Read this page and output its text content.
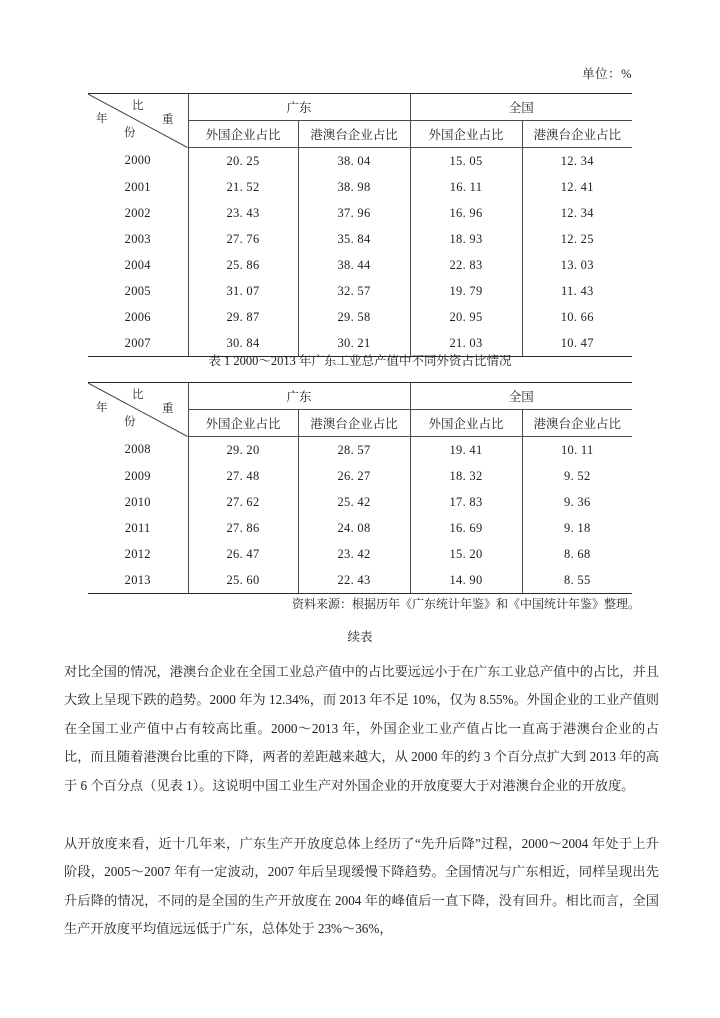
单位：%
比
重
年
份	广东		全国	
	外国企业占比	港澳台企业占比	外国企业占比	港澳台企业占比
2000	20. 25	38. 04	15. 05	12. 34
2001	21. 52	38. 98	16. 11	12. 41
2002	23. 43	37. 96	16. 96	12. 34
2003	27. 76	35. 84	18. 93	12. 25
2004	25. 86	38. 44	22. 83	13. 03
2005	31. 07	32. 57	19. 79	11. 43
2006	29. 87	29. 58	20. 95	10. 66
2007	30. 84	30. 21	21. 03	10. 47
表 1 2000～2013 年广东工业总产值中不同外资占比情况
比
重
年
份	广东		全国	
	外国企业占比	港澳台企业占比	外国企业占比	港澳台企业占比
2008	29. 20	28. 57	19. 41	10. 11
2009	27. 48	26. 27	18. 32	9. 52
2010	27. 62	25. 42	17. 83	9. 36
2011	27. 86	24. 08	16. 69	9. 18
2012	26. 47	23. 42	15. 20	8. 68
2013	25. 60	22. 43	14. 90	8. 55
资料来源：根据历年《广东统计年鉴》和《中国统计年鉴》整理。
续表
对比全国的情况，港澳台企业在全国工业总产值中的占比要远远小于在广东工业总产值中的占比，并且大致上呈现下跌的趋势。2000 年为 12.34%，而 2013 年不足 10%，仅为 8.55%。外国企业的工业产值则在全国工业产值中占有较高比重。2000～2013 年，外国企业工业产值占比一直高于港澳台企业的占比，而且随着港澳台比重的下降，两者的差距越来越大，从 2000 年的约 3 个百分点扩大到 2013 年的高于 6 个百分点（见表 1）。这说明中国工业生产对外国企业的开放度要大于对港澳台企业的开放度。
从开放度来看，近十几年来，广东生产开放度总体上经历了“先升后降”过程，2000～2004 年处于上升阶段，2005～2007 年有一定波动，2007 年后呈现缓慢下降趋势。全国情况与广东相近，同样呈现出先升后降的情况，不同的是全国的生产开放度在 2004 年的峰值后一直下降，没有回升。相比而言，全国生产开放度平均值远远低于广东，总体处于 23%～36%，
